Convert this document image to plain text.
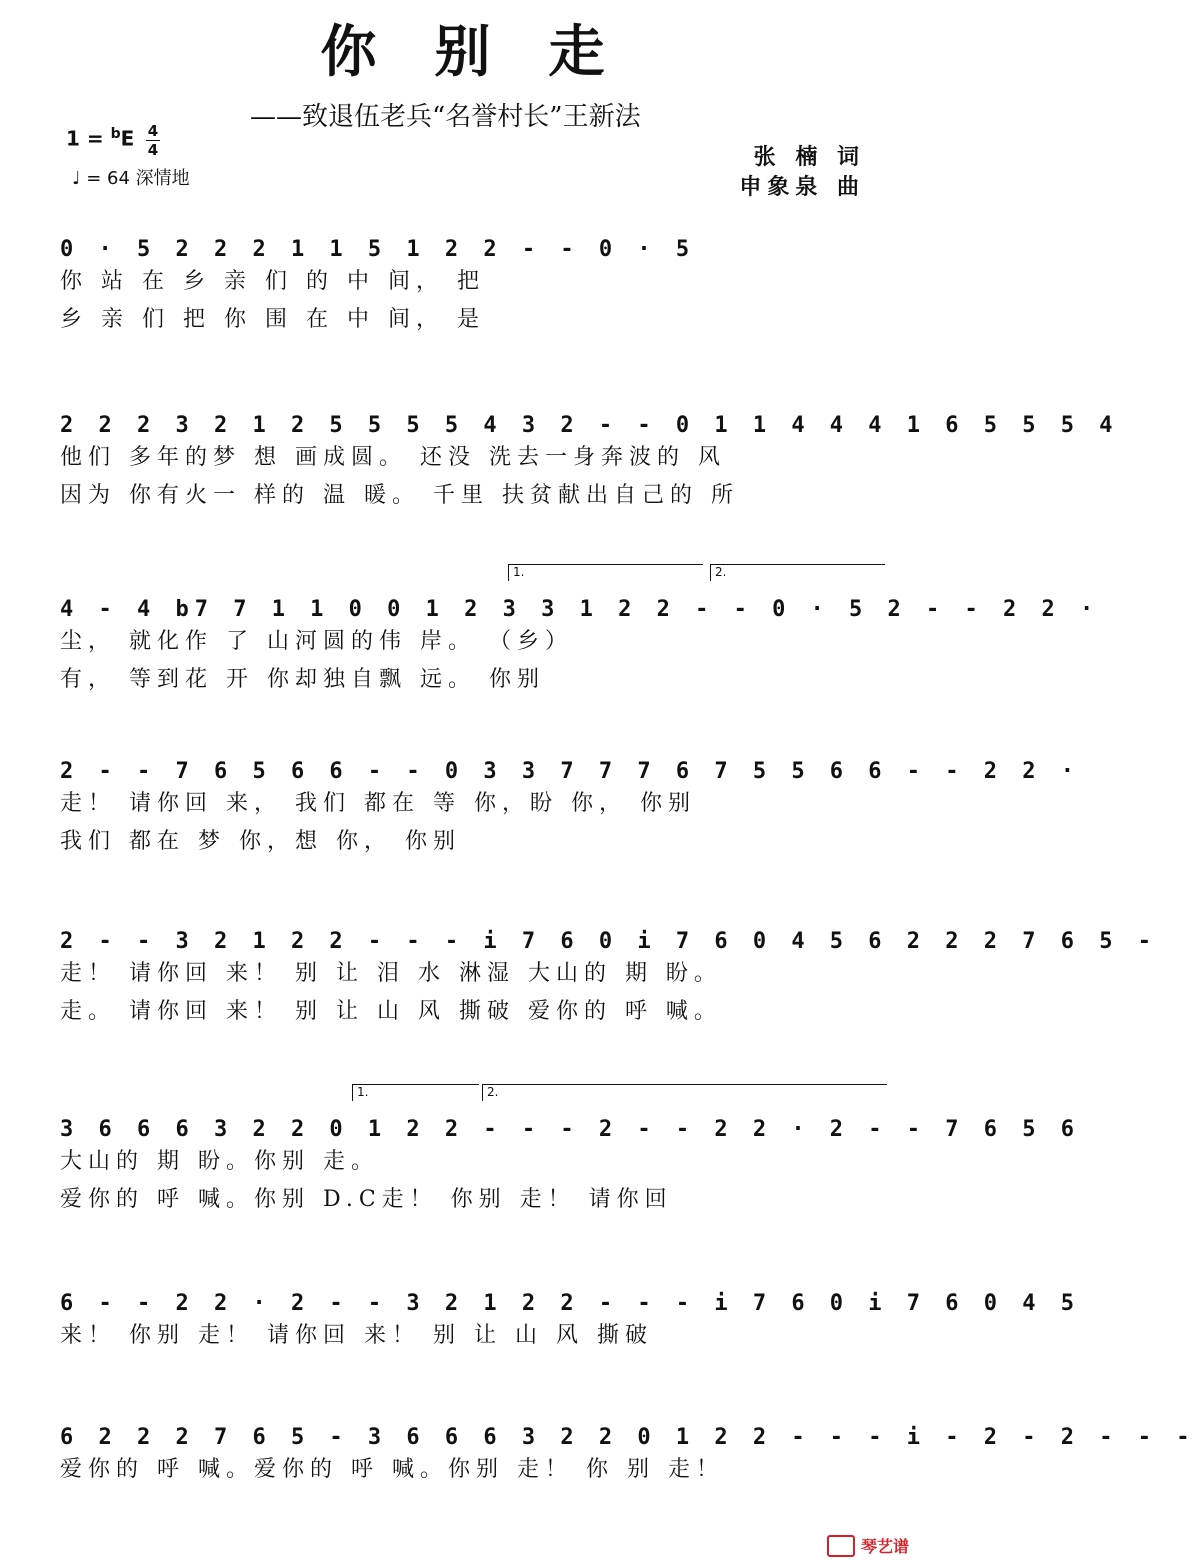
你别走
——致退伍老兵“名誉村长”王新法
1 = $^b$E 4
4
♩ = 64 深情地
张 楠 词
申象泉 曲
0 · 5 2 2 2 1 1 5 1 2 2 - - 0 · 5
你 站 在 乡 亲 们 的 中 间， 把
乡 亲 们 把 你 围 在 中 间， 是
2 2 2 3 2 1 2 5 5 5 5 4 3 2 - - 0 1 1 4 4 4 1 6 5 5 5 4
他们 多年的梦 想 画成圆。 还没 洗去一身奔波的 风
因为 你有火一 样的 温 暖。 千里 扶贫献出自己的 所
1.	2.
4 - 4 b7 7 1 1 0 0 1 2 3 3 1 2 2 - - 0 · 5 2 - - 2 2 ·
尘， 就化作 了 山河圆的伟 岸。 （乡）
有， 等到花 开 你却独自飘 远。 你别
2 - - 7 6 5 6 6 - - 0 3 3 7 7 7 6 7 5 5 6 6 - - 2 2 ·
走！ 请你回 来， 我们 都在 等 你，盼 你， 你别
我们 都在 梦 你，想 你， 你别
2 - - 3 2 1 2 2 - - - i 7 6 0 i 7 6 0 4 5 6 2 2 2 7 6 5 -
走！ 请你回 来！ 别 让 泪 水 淋湿 大山的 期 盼。
走。 请你回 来！ 别 让 山 风 撕破 爱你的 呼 喊。
1.	2.
3 6 6 6 3 2 2 0 1 2 2 - - - 2 - - 2 2 · 2 - - 7 6 5 6
大山的 期 盼。你别 走。
爱你的 呼 喊。你别 D.C走！ 你别 走！ 请你回
6 - - 2 2 · 2 - - 3 2 1 2 2 - - - i 7 6 0 i 7 6 0 4 5
来！ 你别 走！ 请你回 来！ 别 让 山 风 撕破
6 2 2 2 7 6 5 - 3 6 6 6 3 2 2 0 1 2 2 - - - i - 2 - 2 - - -
爱你的 呼 喊。爱你的 呼 喊。你别 走！ 你 别 走！
琴艺谱
